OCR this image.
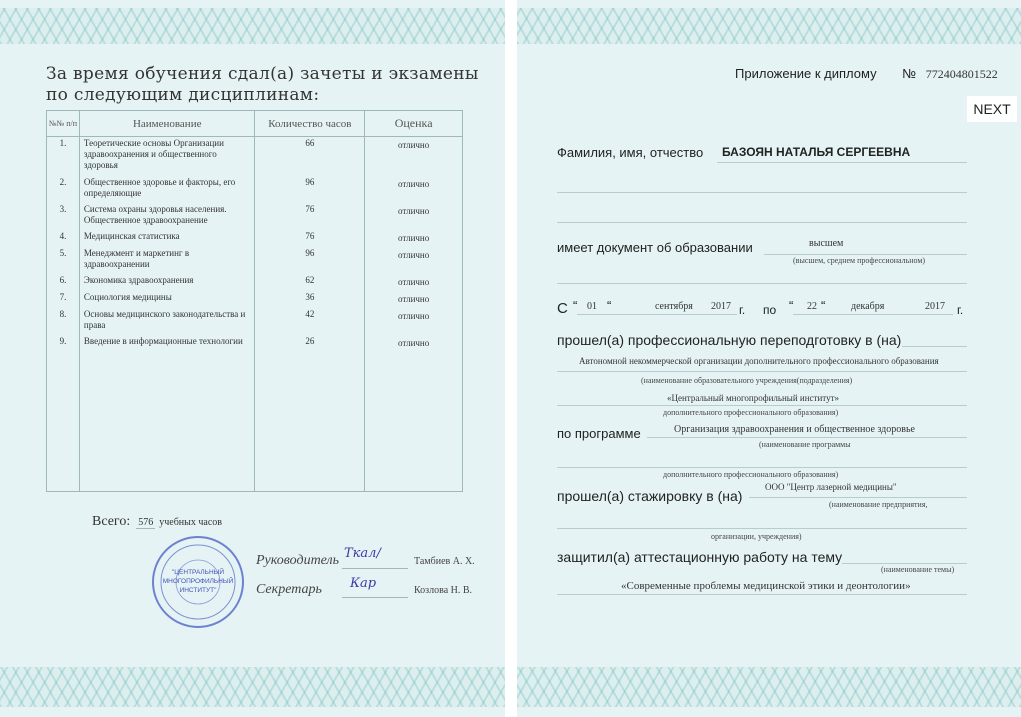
За время обучения сдал(а) зачеты и экзамены по следующим дисциплинам:
№№ п/п	Наименование	Количество часов	Оценка
1.	Теоретические основы Организации здравоохранения и общественного здоровья	66	отлично
2.	Общественное здоровье и факторы, его определяющие	96	отлично
3.	Система охраны здоровья населения. Общественное здравоохранение	76	отлично
4.	Медицинская статистика	76	отлично
5.	Менеджмент и маркетинг в здравоохранении	96	отлично
6.	Экономика здравоохранения	62	отлично
7.	Социология медицины	36	отлично
8.	Основы медицинского законодательства и права	42	отлично
9.	Введение в информационные технологии	26	отлично

Всего: 576 учебных часов
"ЦЕНТРАЛЬНЫЙ
МНОГОПРОФИЛЬНЫЙ
ИНСТИТУТ"
Руководитель	Тамбиев А. Х.
Ткал/
Секретарь	Козлова Н. В.
Кар
Приложение к диплому № 772404801522
Фамилия, имя, отчество БАЗОЯН НАТАЛЬЯ СЕРГЕЕВНА
имеет документ об образовании	высшем
(высшем, среднем профессиональном)
С “ 01 “	сентября 2017 г. по “ 22 “	декабря	2017 г.
прошел(а) профессиональную переподготовку в (на)
Автономной некоммерческой организации дополнительного профессионального образования
(наименование образовательного учреждения(подразделения)
«Центральный многопрофильный институт»
дополнительного профессионального образования)
по программе	Организация здравоохранения и общественное здоровье
(наименование программы
дополнительного профессионального образования)
прошел(а) стажировку в (на)
ООО "Центр лазерной медицины"
(наименование предприятия,
организации, учреждения)
защитил(а) аттестационную работу на тему
(наименование темы)
«Современные проблемы медицинской этики и деонтологии»
NEXT
